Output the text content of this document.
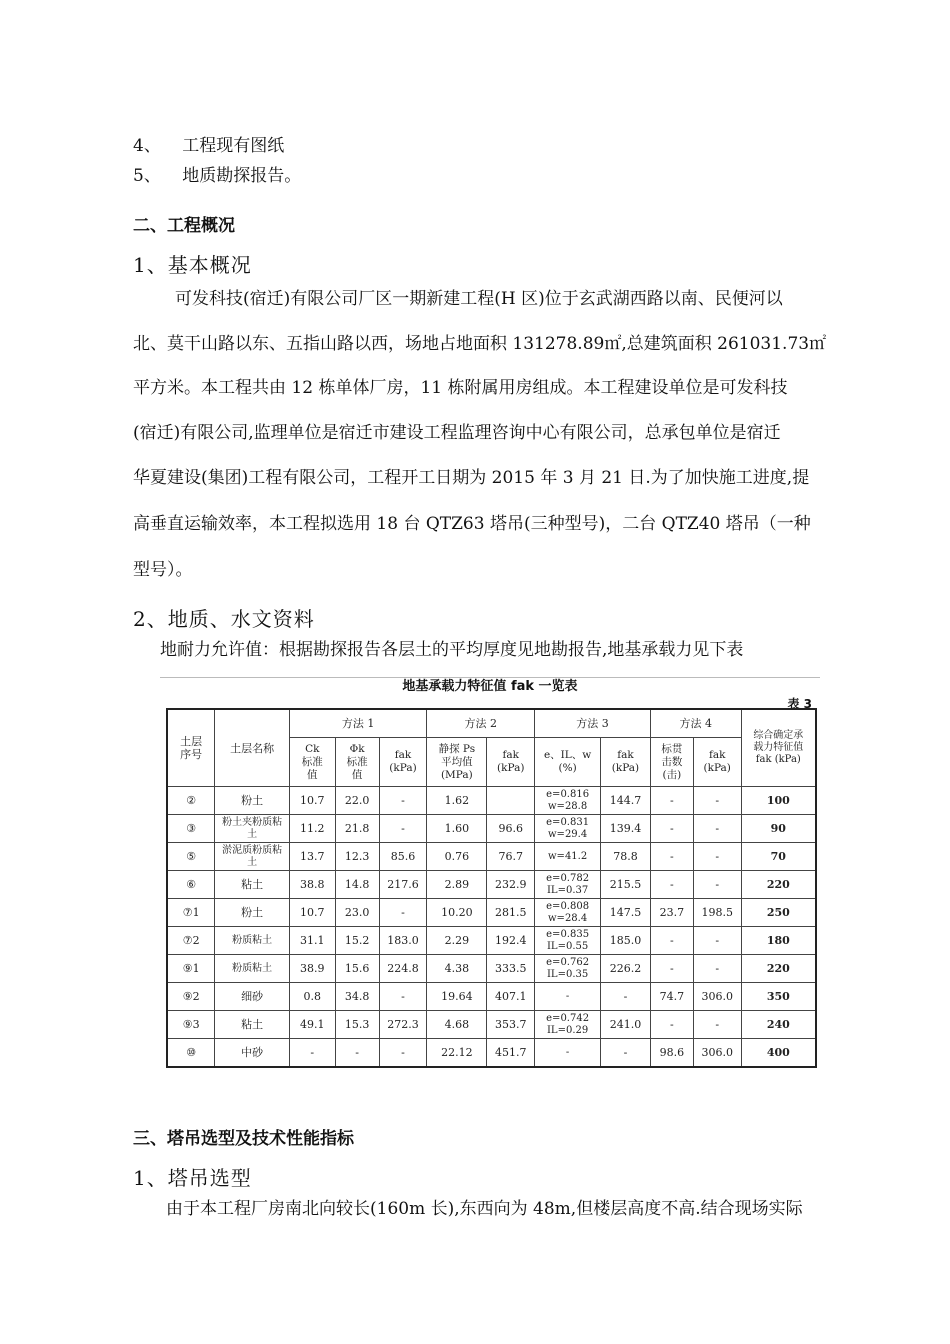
4、 工程现有图纸
5、 地质勘探报告。
二、工程概况
1、基本概况
可发科技(宿迁)有限公司厂区一期新建工程(H 区)位于玄武湖西路以南、民便河以
北、莫干山路以东、五指山路以西，场地占地面积 131278.89㎡,总建筑面积 261031.73㎡
平方米。本工程共由 12 栋单体厂房，11 栋附属用房组成。本工程建设单位是可发科技
(宿迁)有限公司,监理单位是宿迁市建设工程监理咨询中心有限公司，总承包单位是宿迁
华夏建设(集团)工程有限公司，工程开工日期为 2015 年 3 月 21 日.为了加快施工进度,提
高垂直运输效率，本工程拟选用 18 台 QTZ63 塔吊(三种型号)，二台 QTZ40 塔吊（一种
型号）。
2、地质、水文资料
地耐力允许值：根据勘探报告各层土的平均厚度见地勘报告,地基承载力见下表
地基承载力特征值 fak 一览表
表 3
土层序号	土层名称	方法 1			方法 2		方法 3		方法 4		综合确定承载力特征值 fak (kPa)
		Ck 标准值	Φk 标准值	fak (kPa)	静探 Ps 平均值 (MPa)	fak (kPa)	e、IL、w (%)	fak (kPa)	标贯击数 (击)	fak (kPa)	
②	粉土	10.7	22.0	-	1.62		e=0.816
w=28.8	144.7	-	-	100
③	粉土夹粉质粘土	11.2	21.8	-	1.60	96.6	e=0.831
w=29.4	139.4	-	-	90
⑤	淤泥质粉质粘土	13.7	12.3	85.6	0.76	76.7	w=41.2	78.8	-	-	70
⑥	粘土	38.8	14.8	217.6	2.89	232.9	e=0.782
IL=0.37	215.5	-	-	220
⑦1	粉土	10.7	23.0	-	10.20	281.5	e=0.808
w=28.4	147.5	23.7	198.5	250
⑦2	粉质粘土	31.1	15.2	183.0	2.29	192.4	e=0.835
IL=0.55	185.0	-	-	180
⑨1	粉质粘土	38.9	15.6	224.8	4.38	333.5	e=0.762
IL=0.35	226.2	-	-	220
⑨2	细砂	0.8	34.8	-	19.64	407.1	-	-	74.7	306.0	350
⑨3	粘土	49.1	15.3	272.3	4.68	353.7	e=0.742
IL=0.29	241.0	-	-	240
⑩	中砂	-	-	-	22.12	451.7	-	-	98.6	306.0	400
三、塔吊选型及技术性能指标
1、塔吊选型
由于本工程厂房南北向较长(160m 长),东西向为 48m,但楼层高度不高.结合现场实际
